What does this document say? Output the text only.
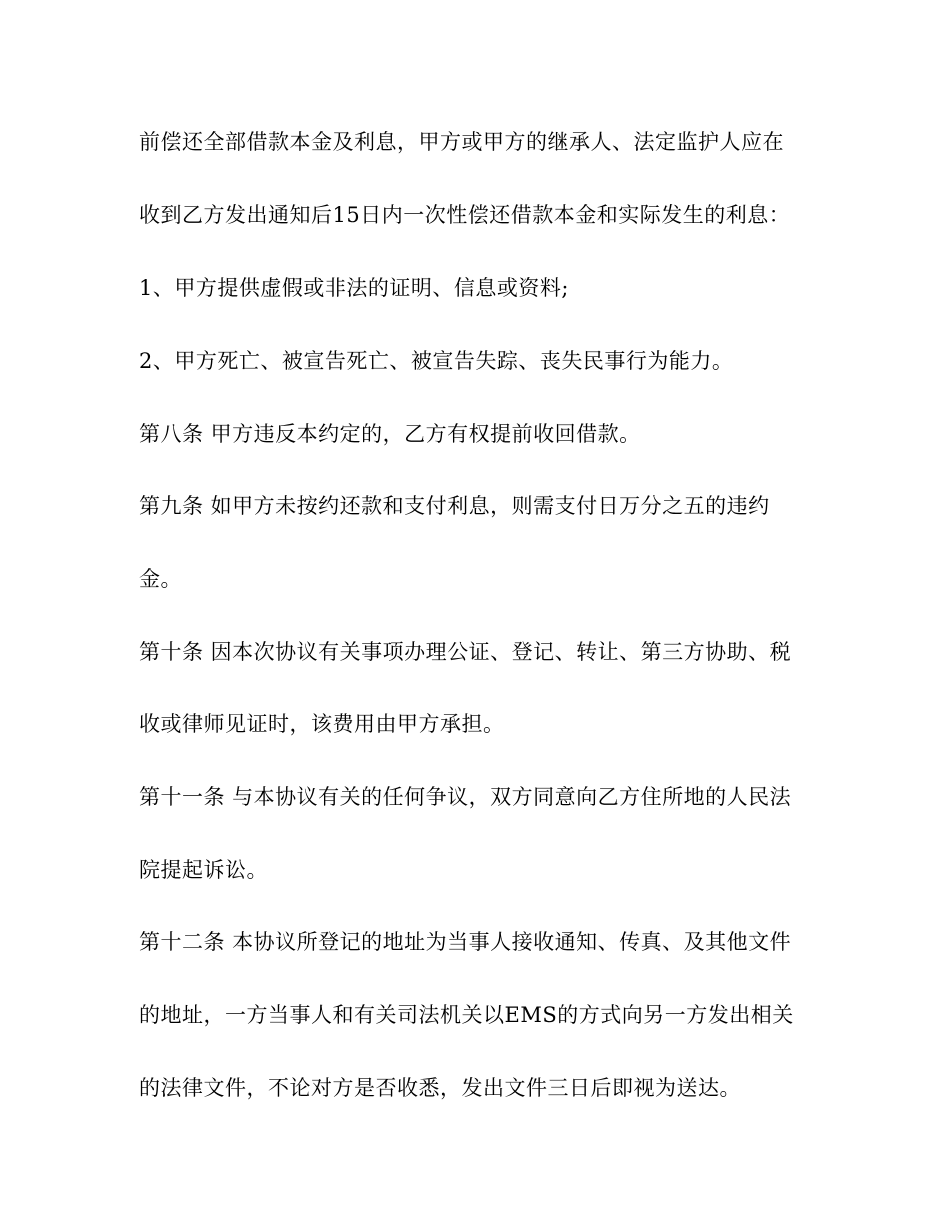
前偿还全部借款本金及利息，甲方或甲方的继承人、法定监护人应在
收到乙方发出通知后15日内一次性偿还借款本金和实际发生的利息：
1、甲方提供虚假或非法的证明、信息或资料;
2、甲方死亡、被宣告死亡、被宣告失踪、丧失民事行为能力。
第八条 甲方违反本约定的，乙方有权提前收回借款。
第九条 如甲方未按约还款和支付利息，则需支付日万分之五的违约
金。
第十条 因本次协议有关事项办理公证、登记、转让、第三方协助、税
收或律师见证时，该费用由甲方承担。
第十一条 与本协议有关的任何争议，双方同意向乙方住所地的人民法
院提起诉讼。
第十二条 本协议所登记的地址为当事人接收通知、传真、及其他文件
的地址，一方当事人和有关司法机关以EMS的方式向另一方发出相关
的法律文件，不论对方是否收悉，发出文件三日后即视为送达。
